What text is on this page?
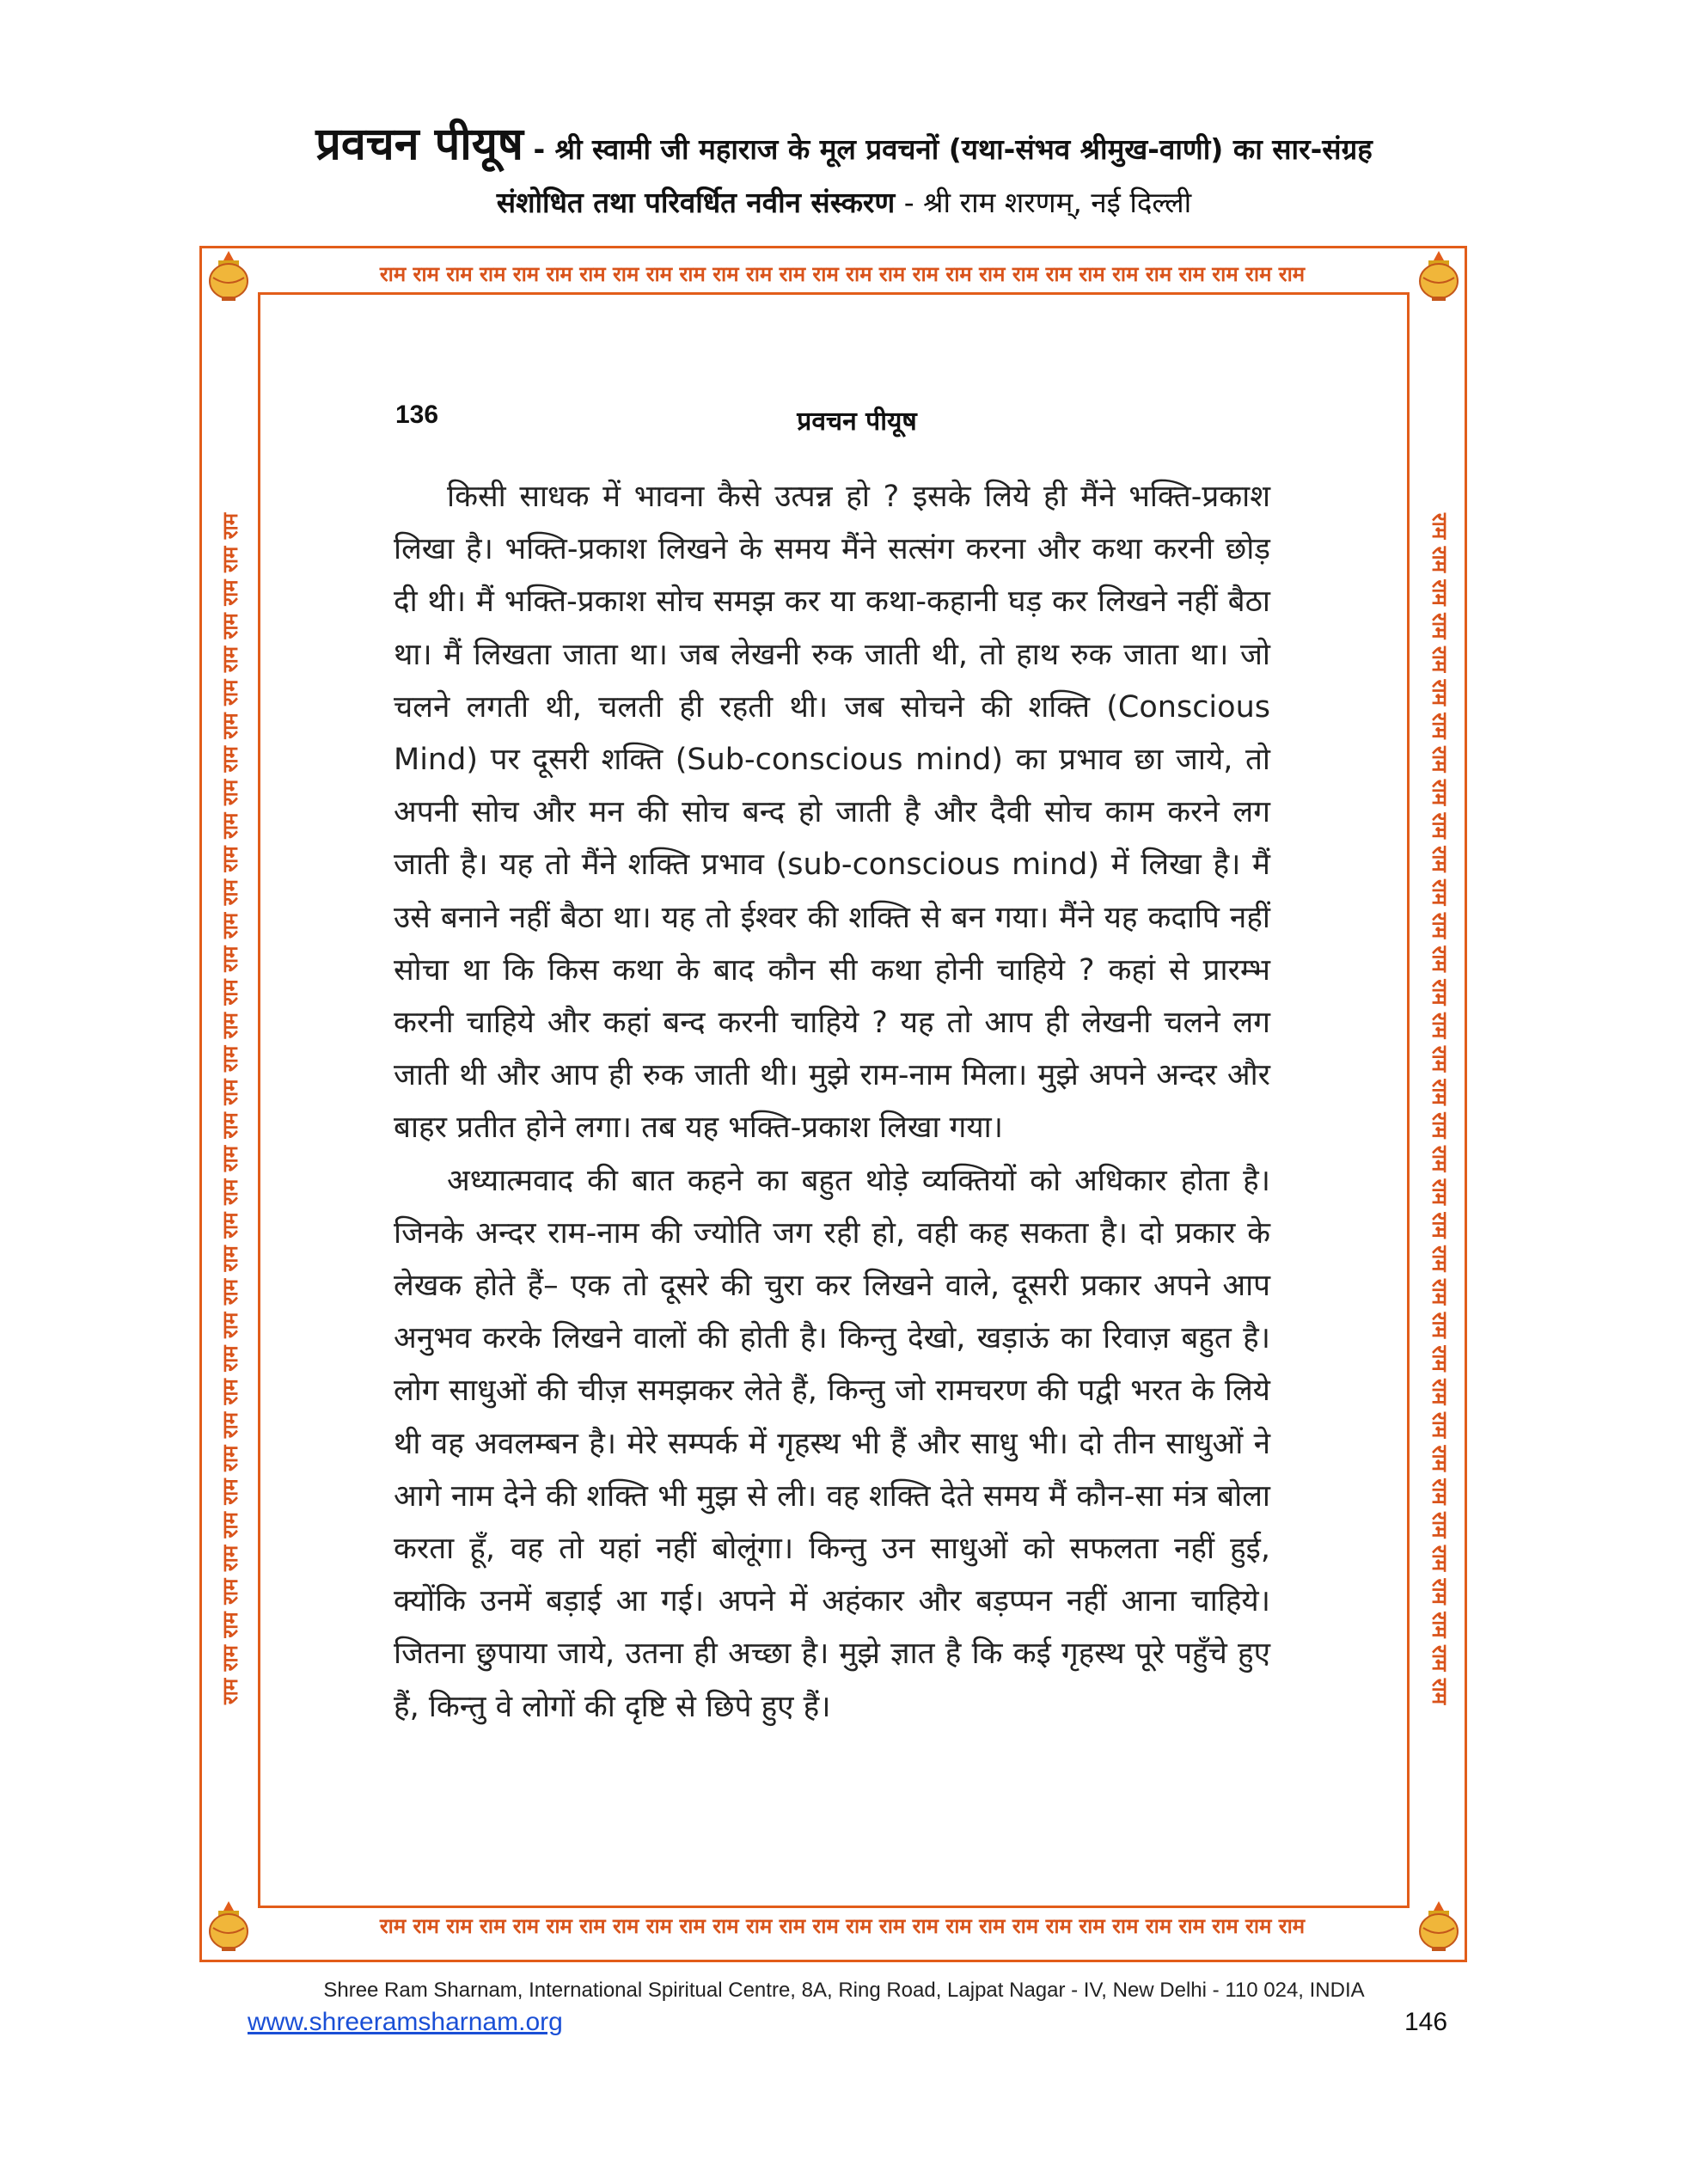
प्रवचन पीयूष - श्री स्वामी जी महाराज के मूल प्रवचनों (यथा-संभव श्रीमुख-वाणी) का सार-संग्रह
संशोधित तथा परिवर्धित नवीन संस्करण - श्री राम शरणम्, नई दिल्ली
राम राम राम राम राम राम राम राम राम राम राम राम राम राम राम राम राम राम राम राम राम राम राम राम राम राम राम राम
राम राम राम राम राम राम राम राम राम राम राम राम राम राम राम राम राम राम राम राम राम राम राम राम राम राम राम राम
राम राम राम राम राम राम राम राम राम राम राम राम राम राम राम राम राम राम राम राम राम राम राम राम राम राम राम राम राम राम राम राम राम राम राम राम	राम राम राम राम राम राम राम राम राम राम राम राम राम राम राम राम राम राम राम राम राम राम राम राम राम राम राम राम राम राम राम राम राम राम राम राम
136	प्रवचन पीयूष

किसी साधक में भावना कैसे उत्पन्न हो ? इसके लिये ही मैंने भक्ति-प्रकाश लिखा है। भक्ति-प्रकाश लिखने के समय मैंने सत्संग करना और कथा करनी छोड़ दी थी। मैं भक्ति-प्रकाश सोच समझ कर या कथा-कहानी घड़ कर लिखने नहीं बैठा था। मैं लिखता जाता था। जब लेखनी रुक जाती थी, तो हाथ रुक जाता था। जो चलने लगती थी, चलती ही रहती थी। जब सोचने की शक्ति (Conscious Mind) पर दूसरी शक्ति (Sub-conscious mind) का प्रभाव छा जाये, तो अपनी सोच और मन की सोच बन्द हो जाती है और दैवी सोच काम करने लग जाती है। यह तो मैंने शक्ति प्रभाव (sub-conscious mind) में लिखा है। मैं उसे बनाने नहीं बैठा था। यह तो ईश्वर की शक्ति से बन गया। मैंने यह कदापि नहीं सोचा था कि किस कथा के बाद कौन सी कथा होनी चाहिये ? कहां से प्रारम्भ करनी चाहिये और कहां बन्द करनी चाहिये ? यह तो आप ही लेखनी चलने लग जाती थी और आप ही रुक जाती थी। मुझे राम-नाम मिला। मुझे अपने अन्दर और बाहर प्रतीत होने लगा। तब यह भक्ति-प्रकाश लिखा गया।

अध्यात्मवाद की बात कहने का बहुत थोड़े व्यक्तियों को अधिकार होता है। जिनके अन्दर राम-नाम की ज्योति जग रही हो, वही कह सकता है। दो प्रकार के लेखक होते हैं– एक तो दूसरे की चुरा कर लिखने वाले, दूसरी प्रकार अपने आप अनुभव करके लिखने वालों की होती है। किन्तु देखो, खड़ाऊं का रिवाज़ बहुत है। लोग साधुओं की चीज़ समझकर लेते हैं, किन्तु जो रामचरण की पद्वी भरत के लिये थी वह अवलम्बन है। मेरे सम्पर्क में गृहस्थ भी हैं और साधु भी। दो तीन साधुओं ने आगे नाम देने की शक्ति भी मुझ से ली। वह शक्ति देते समय मैं कौन-सा मंत्र बोला करता हूँ, वह तो यहां नहीं बोलूंगा। किन्तु उन साधुओं को सफलता नहीं हुई, क्योंकि उनमें बड़ाई आ गई। अपने में अहंकार और बड़प्पन नहीं आना चाहिये। जितना छुपाया जाये, उतना ही अच्छा है। मुझे ज्ञात है कि कई गृहस्थ पूरे पहुँचे हुए हैं, किन्तु वे लोगों की दृष्टि से छिपे हुए हैं।

Shree Ram Sharnam, International Spiritual Centre, 8A, Ring Road, Lajpat Nagar - IV, New Delhi - 110 024, INDIA
www.shreeramsharnam.org	146
